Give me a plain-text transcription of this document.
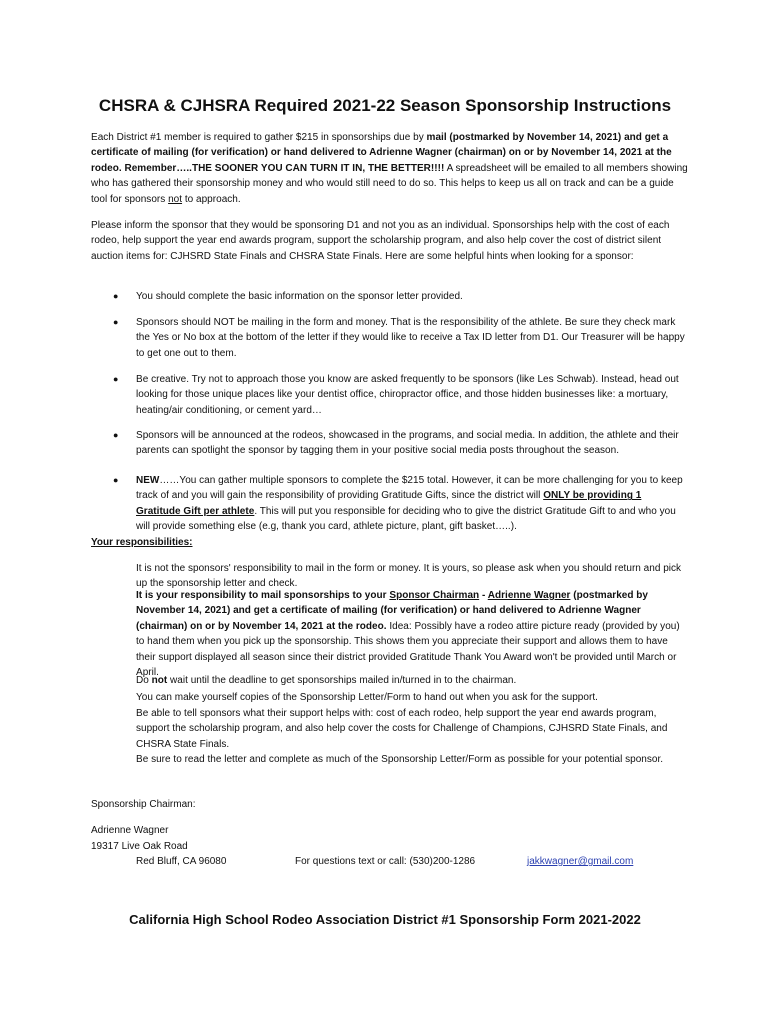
CHSRA & CJHSRA Required 2021-22 Season Sponsorship Instructions
Each District #1 member is required to gather $215 in sponsorships due by mail (postmarked by November 14, 2021) and get a certificate of mailing (for verification) or hand delivered to Adrienne Wagner (chairman) on or by November 14, 2021 at the rodeo. Remember…..THE SOONER YOU CAN TURN IT IN, THE BETTER!!!! A spreadsheet will be emailed to all members showing who has gathered their sponsorship money and who would still need to do so. This helps to keep us all on track and can be a guide tool for sponsors not to approach.
Please inform the sponsor that they would be sponsoring D1 and not you as an individual. Sponsorships help with the cost of each rodeo, help support the year end awards program, support the scholarship program, and also help cover the cost of district silent auction items for: CJHSRD State Finals and CHSRA State Finals. Here are some helpful hints when looking for a sponsor:
● You should complete the basic information on the sponsor letter provided.
● Sponsors should NOT be mailing in the form and money. That is the responsibility of the athlete. Be sure they check mark the Yes or No box at the bottom of the letter if they would like to receive a Tax ID letter from D1. Our Treasurer will be happy to get one out to them.
● Be creative. Try not to approach those you know are asked frequently to be sponsors (like Les Schwab). Instead, head out looking for those unique places like your dentist office, chiropractor office, and those hidden businesses like: a mortuary, heating/air conditioning, or cement yard…
● Sponsors will be announced at the rodeos, showcased in the programs, and social media. In addition, the athlete and their parents can spotlight the sponsor by tagging them in your positive social media posts throughout the season.
● NEW……You can gather multiple sponsors to complete the $215 total. However, it can be more challenging for you to keep track of and you will gain the responsibility of providing Gratitude Gifts, since the district will ONLY be providing 1 Gratitude Gift per athlete. This will put you responsible for deciding who to give the district Gratitude Gift to and who you will provide something else (e.g, thank you card, athlete picture, plant, gift basket…..).
Your responsibilities:
It is not the sponsors' responsibility to mail in the form or money. It is yours, so please ask when you should return and pick up the sponsorship letter and check.
It is your responsibility to mail sponsorships to your Sponsor Chairman - Adrienne Wagner (postmarked by November 14, 2021) and get a certificate of mailing (for verification) or hand delivered to Adrienne Wagner (chairman) on or by November 14, 2021 at the rodeo. Idea: Possibly have a rodeo attire picture ready (provided by you) to hand them when you pick up the sponsorship. This shows them you appreciate their support and allows them to have their support displayed all season since their district provided Gratitude Thank You Award won't be provided until March or April.
Do not wait until the deadline to get sponsorships mailed in/turned in to the chairman.
You can make yourself copies of the Sponsorship Letter/Form to hand out when you ask for the support.
Be able to tell sponsors what their support helps with: cost of each rodeo, help support the year end awards program, support the scholarship program, and also help cover the costs for Challenge of Champions, CJHSRD State Finals, and CHSRA State Finals.
Be sure to read the letter and complete as much of the Sponsorship Letter/Form as possible for your potential sponsor.
Sponsorship Chairman:
Adrienne Wagner
19317 Live Oak Road
Red Bluff, CA 96080	For questions text or call: (530)200-1286	jakkwagner@gmail.com
California High School Rodeo Association District #1 Sponsorship Form 2021-2022
